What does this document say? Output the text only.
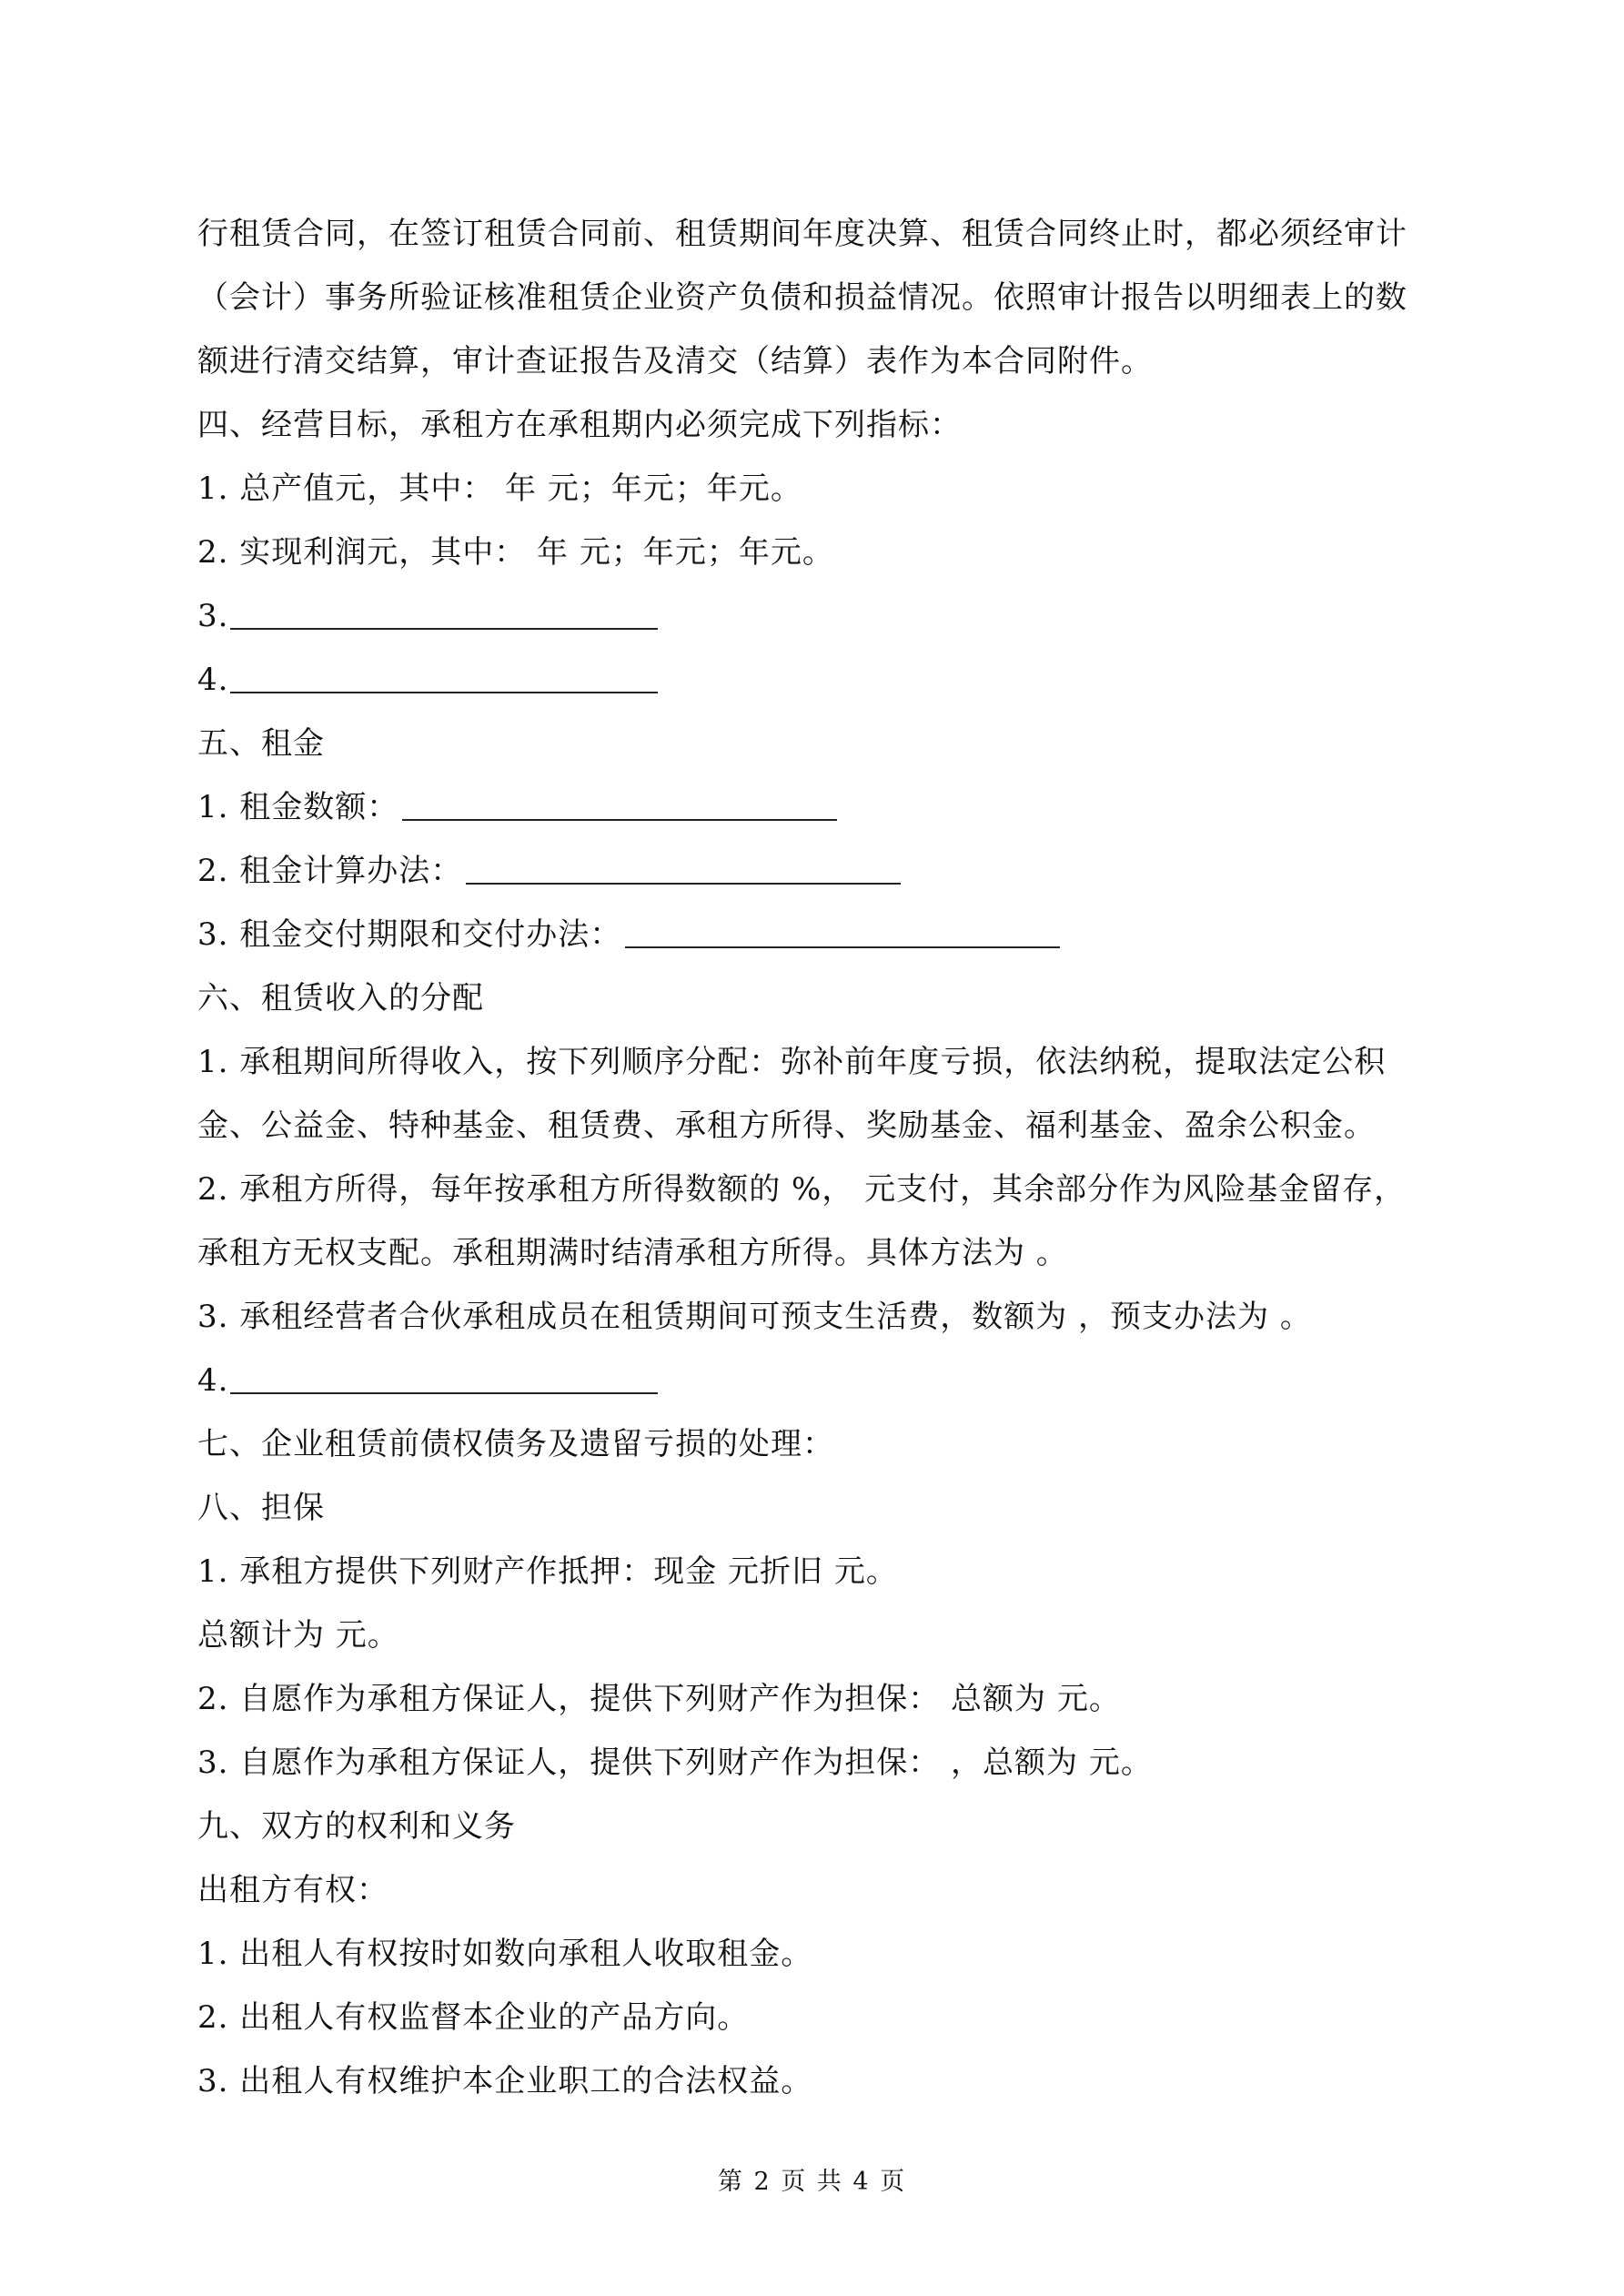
行租赁合同，在签订租赁合同前、租赁期间年度决算、租赁合同终止时，都必须经审计
（会计）事务所验证核准租赁企业资产负债和损益情况。依照审计报告以明细表上的数
额进行清交结算，审计查证报告及清交（结算）表作为本合同附件。
四、经营目标，承租方在承租期内必须完成下列指标：
1. 总产值元，其中： 年 元；年元；年元。
2. 实现利润元，其中： 年 元；年元；年元。
3.
4.
五、租金
1. 租金数额：
2. 租金计算办法：
3. 租金交付期限和交付办法：
六、租赁收入的分配
1. 承租期间所得收入，按下列顺序分配：弥补前年度亏损，依法纳税，提取法定公积
金、公益金、特种基金、租赁费、承租方所得、奖励基金、福利基金、盈余公积金。
2. 承租方所得，每年按承租方所得数额的 %， 元支付，其余部分作为风险基金留存，
承租方无权支配。承租期满时结清承租方所得。具体方法为 。
3. 承租经营者合伙承租成员在租赁期间可预支生活费，数额为 ，预支办法为 。
4.
七、企业租赁前债权债务及遗留亏损的处理：
八、担保
1. 承租方提供下列财产作抵押：现金 元折旧 元。
总额计为 元。
2. 自愿作为承租方保证人，提供下列财产作为担保： 总额为 元。
3. 自愿作为承租方保证人，提供下列财产作为担保： ，总额为 元。
九、双方的权利和义务
出租方有权：
1. 出租人有权按时如数向承租人收取租金。
2. 出租人有权监督本企业的产品方向。
3. 出租人有权维护本企业职工的合法权益。
第 2 页 共 4 页
